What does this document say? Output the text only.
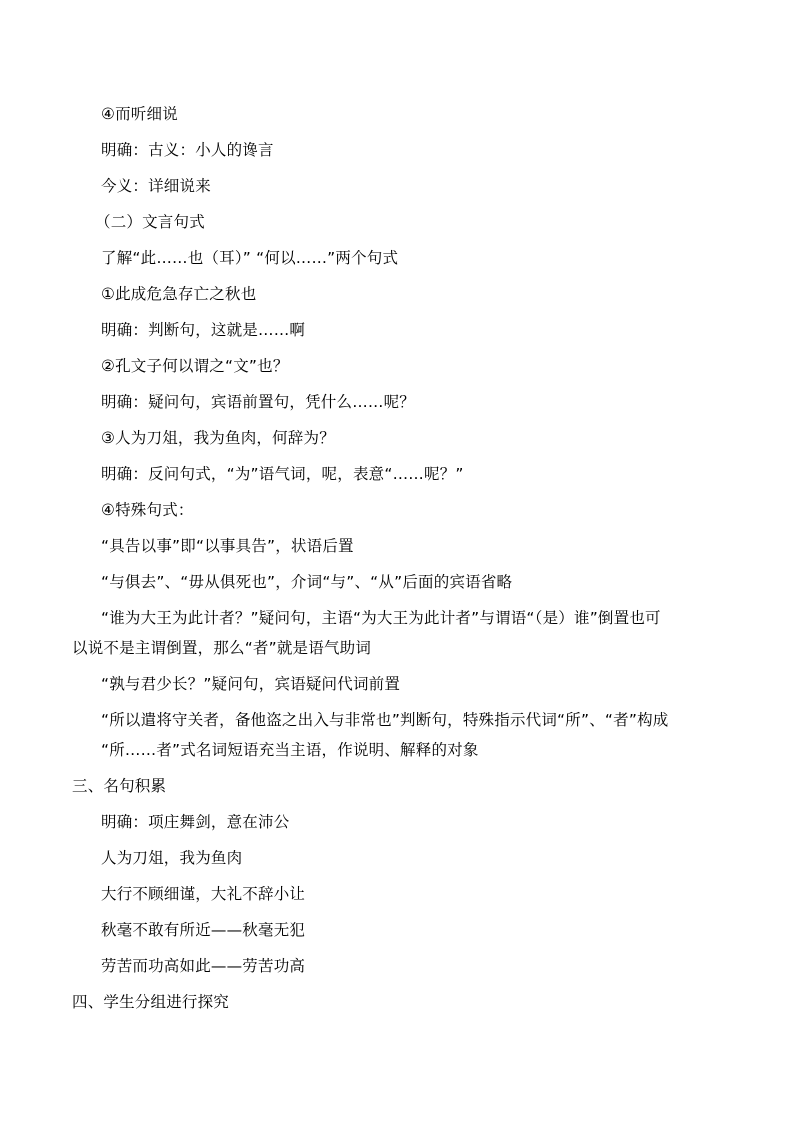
④而听细说
明确：古义：小人的谗言
今义：详细说来
（二）文言句式
了解“此……也（耳）” “何以……”两个句式
①此成危急存亡之秋也
明确：判断句，这就是……啊
②孔文子何以谓之“文”也？
明确：疑问句，宾语前置句，凭什么……呢？
③人为刀俎，我为鱼肉，何辞为？
明确：反问句式，“为”语气词，呢，表意“……呢？”
④特殊句式：
“具告以事”即“以事具告”，状语后置
“与俱去”、“毋从俱死也”，介词“与”、“从”后面的宾语省略
“谁为大王为此计者？”疑问句，主语“为大王为此计者”与谓语“（是）谁”倒置也可
以说不是主谓倒置，那么“者”就是语气助词
“孰与君少长？”疑问句，宾语疑问代词前置
“所以遣将守关者，备他盗之出入与非常也”判断句，特殊指示代词“所”、“者”构成
“所……者”式名词短语充当主语，作说明、解释的对象
三、名句积累
明确：项庄舞剑，意在沛公
人为刀俎，我为鱼肉
大行不顾细谨，大礼不辞小让
秋毫不敢有所近——秋毫无犯
劳苦而功高如此——劳苦功高
四、学生分组进行探究
